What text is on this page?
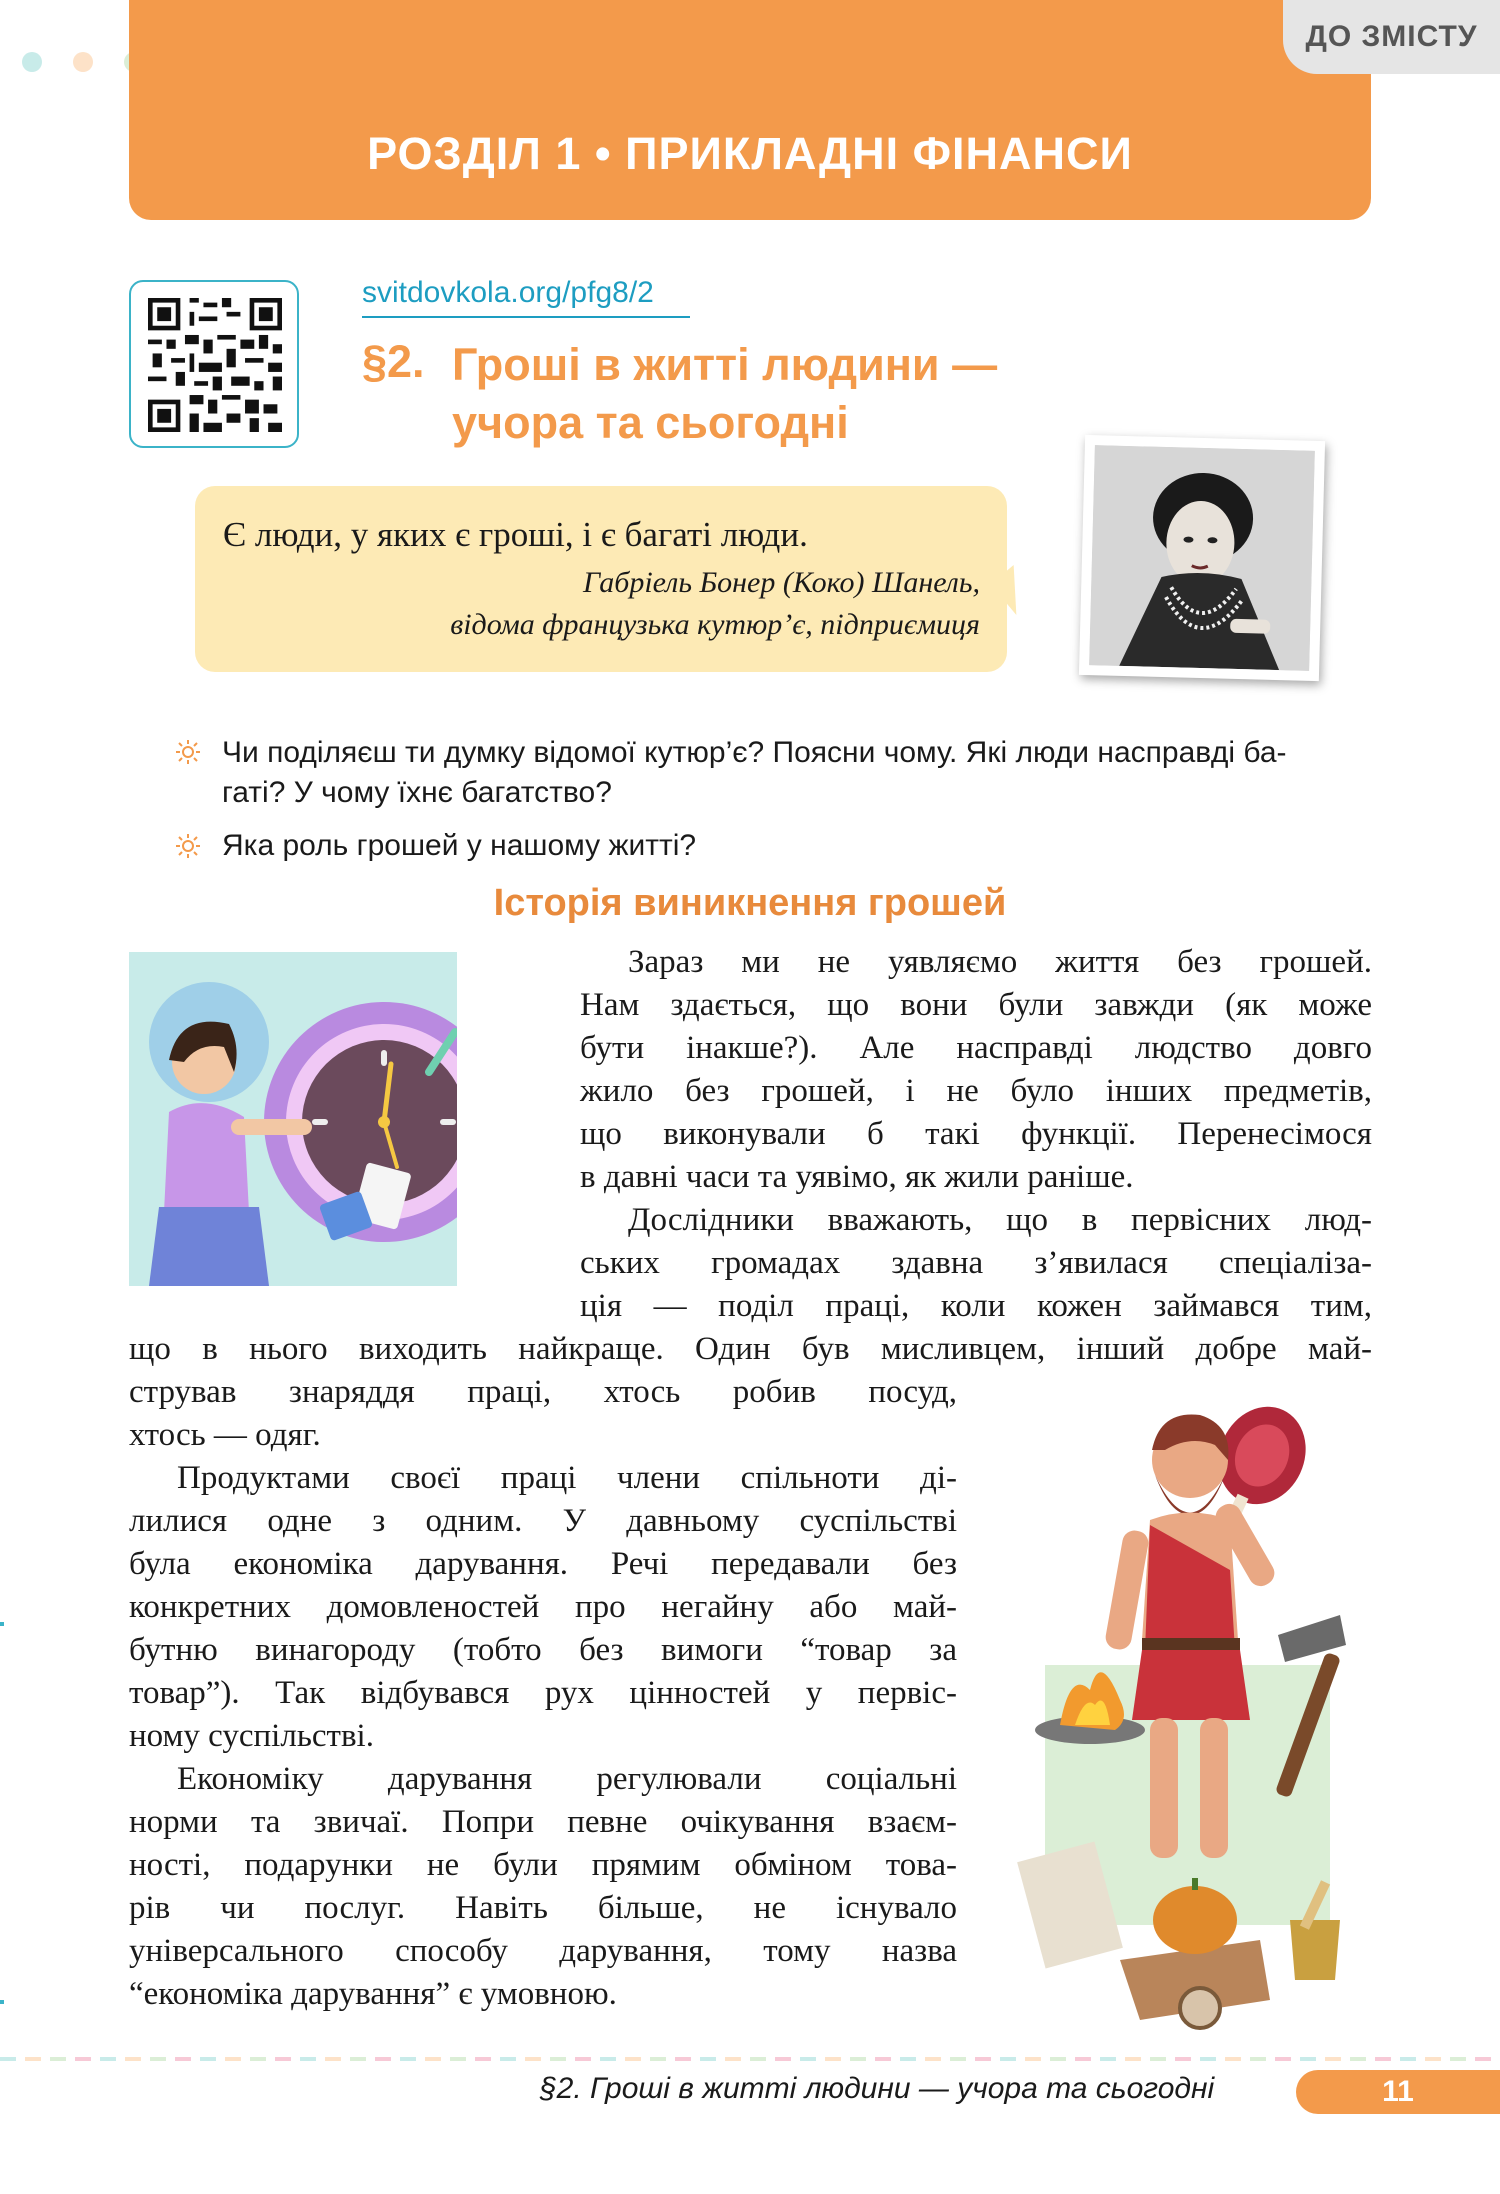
РОЗДІЛ 1 • ПРИКЛАДНІ ФІНАНСИ
ДО ЗМІСТУ
svitdovkola.org/pfg8/2
§2. Гроші в житті людини —
учора та сьогодні
Є люди, у яких є гроші, і є багаті люди.
Габріель Бонер (Коко) Шанель,
відома французька кутюр’є, підприємиця
Чи поділяєш ти думку відомої кутюр’є? Поясни чому. Які люди насправді ба-
гаті? У чому їхнє багатство?
Яка роль грошей у нашому житті?
Історія виникнення грошей
Зараз ми не уявляємо життя без грошей.
Нам здається, що вони були завжди (як може
бути інакше?). Але насправді людство довго
жило без грошей, і не було інших предметів,
що виконували б такі функції. Перенесімося
в давні часи та уявімо, як жили раніше.
Дослідники вважають, що в первісних люд-
ських громадах здавна з’явилася спеціаліза-
ція — поділ праці, коли кожен займався тим,
що в нього виходить найкраще. Один був мисливцем, інший добре май-
стрував знаряддя праці, хтось робив посуд,
хтось — одяг.
Продуктами своєї праці члени спільноти ді-
лилися одне з одним. У давньому суспільстві
була економіка дарування. Речі передавали без
конкретних домовленостей про негайну або май-
бутню винагороду (тобто без вимоги “товар за
товар”). Так відбувався рух цінностей у первіс-
ному суспільстві.
Економіку дарування регулювали соціальні
норми та звичаї. Попри певне очікування взаєм-
ності, подарунки не були прямим обміном това-
рів чи послуг. Навіть більше, не існувало
універсального способу дарування, тому назва
“економіка дарування” є умовною.
§2. Гроші в житті людини — учора та сьогодні	11
